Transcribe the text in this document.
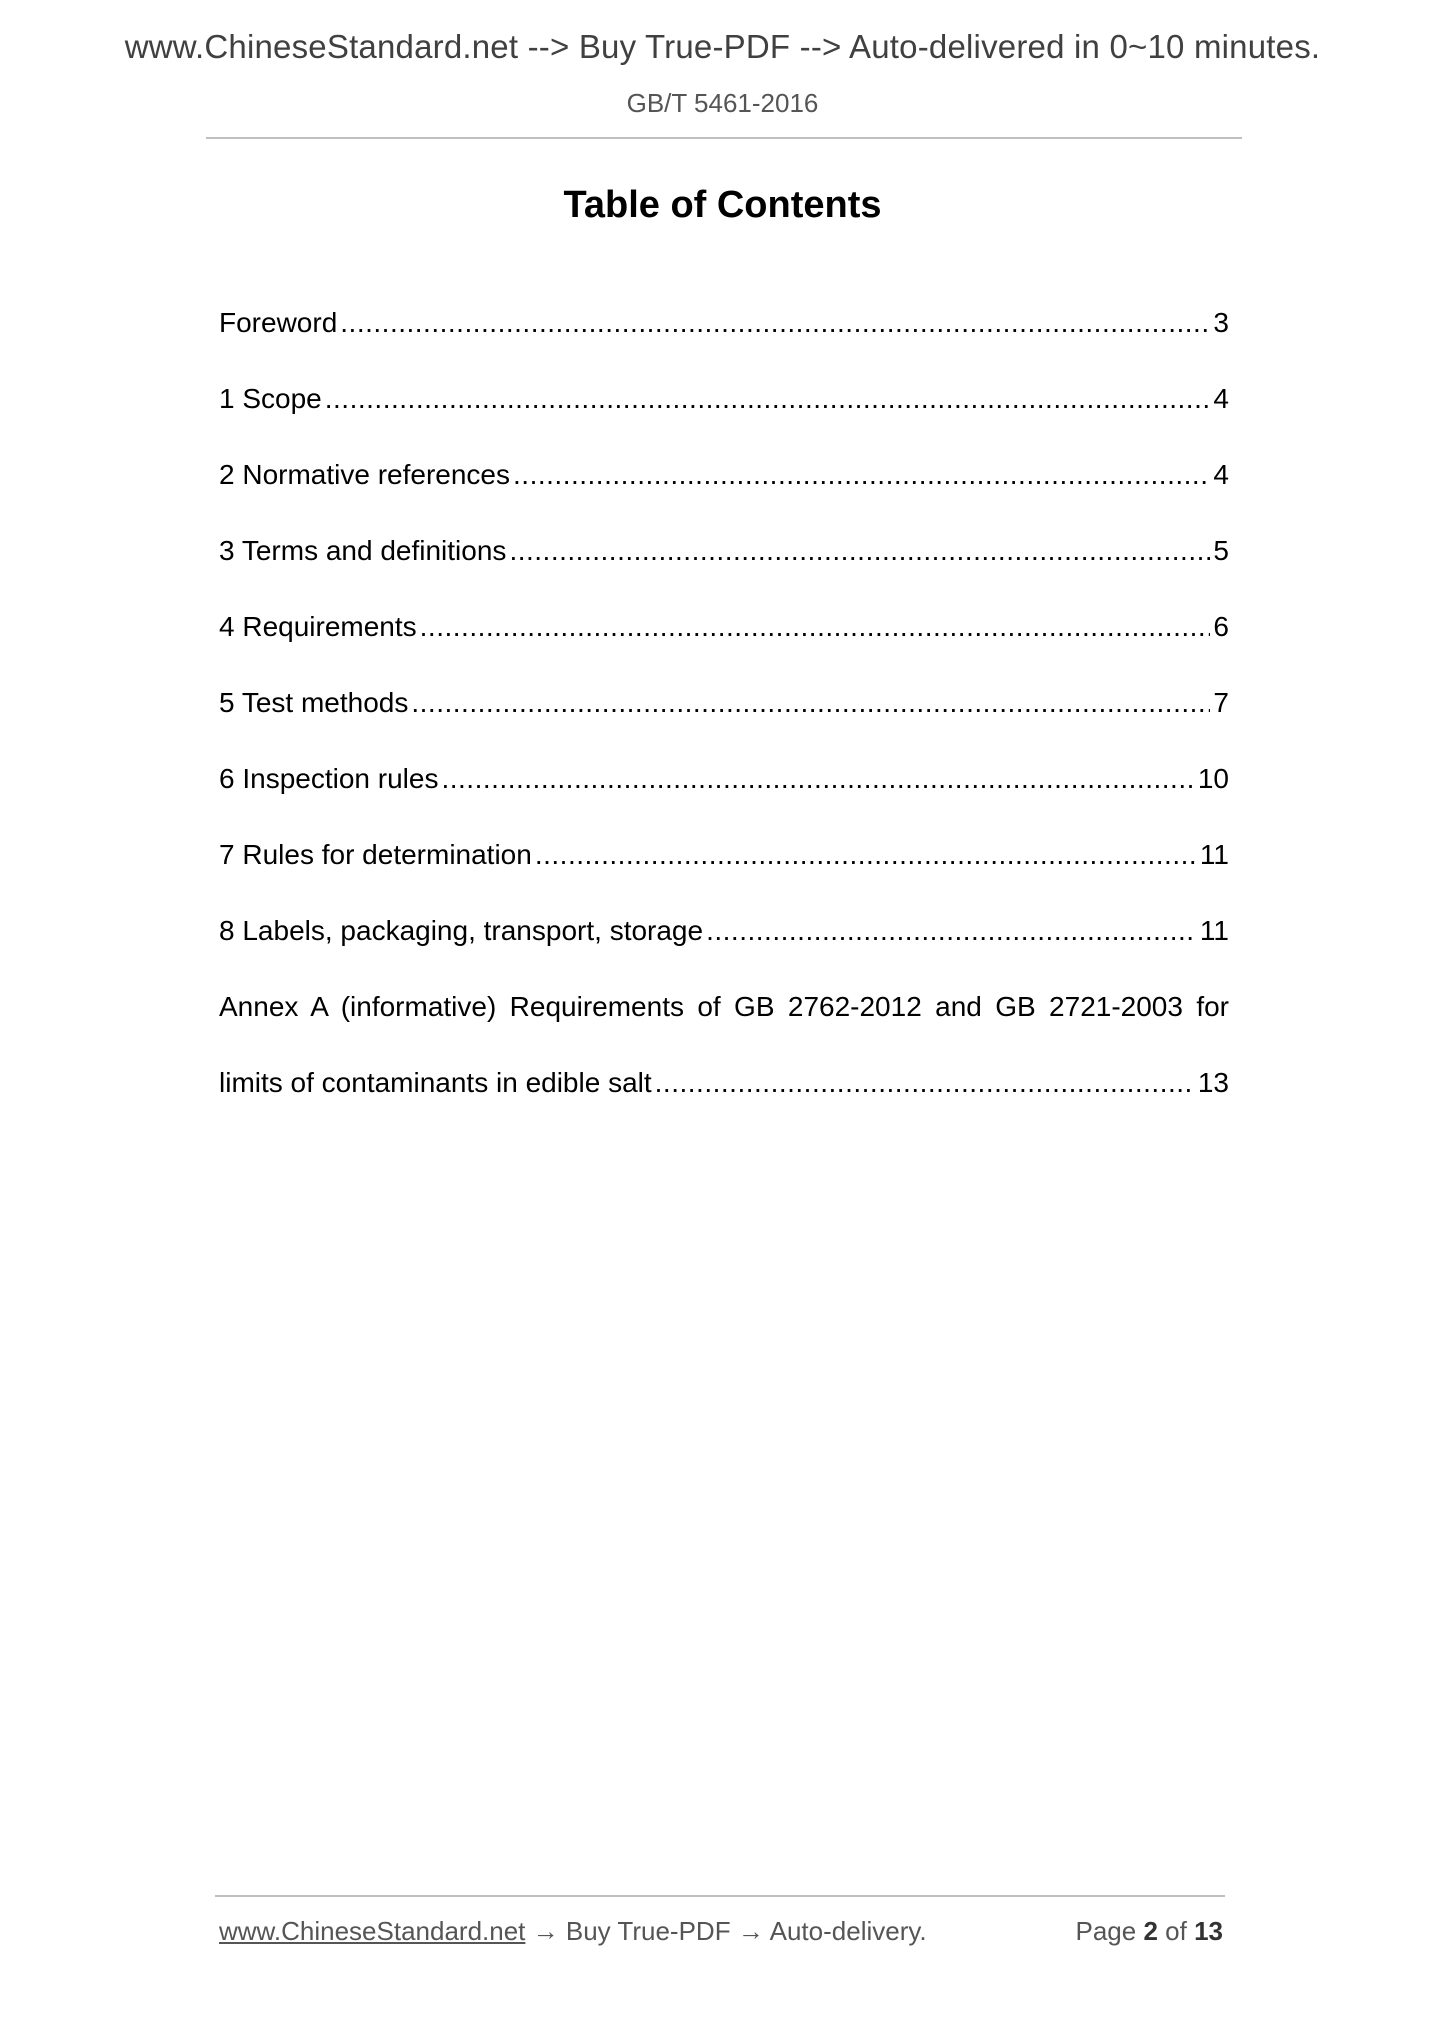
www.ChineseStandard.net --> Buy True-PDF --> Auto-delivered in 0~10 minutes.
GB/T 5461-2016
Table of Contents
Foreword .....	3
1 Scope .....	4
2 Normative references .....	4
3 Terms and definitions .....	5
4 Requirements .....	6
5 Test methods .....	7
6 Inspection rules .....	10
7 Rules for determination .....	11
8 Labels, packaging, transport, storage .....	11
Annex A (informative) Requirements of GB 2762-2012 and GB 2721-2003 for
limits of contaminants in edible salt .....	13
www.ChineseStandard.net → Buy True-PDF → Auto-delivery.	Page 2 of 13
